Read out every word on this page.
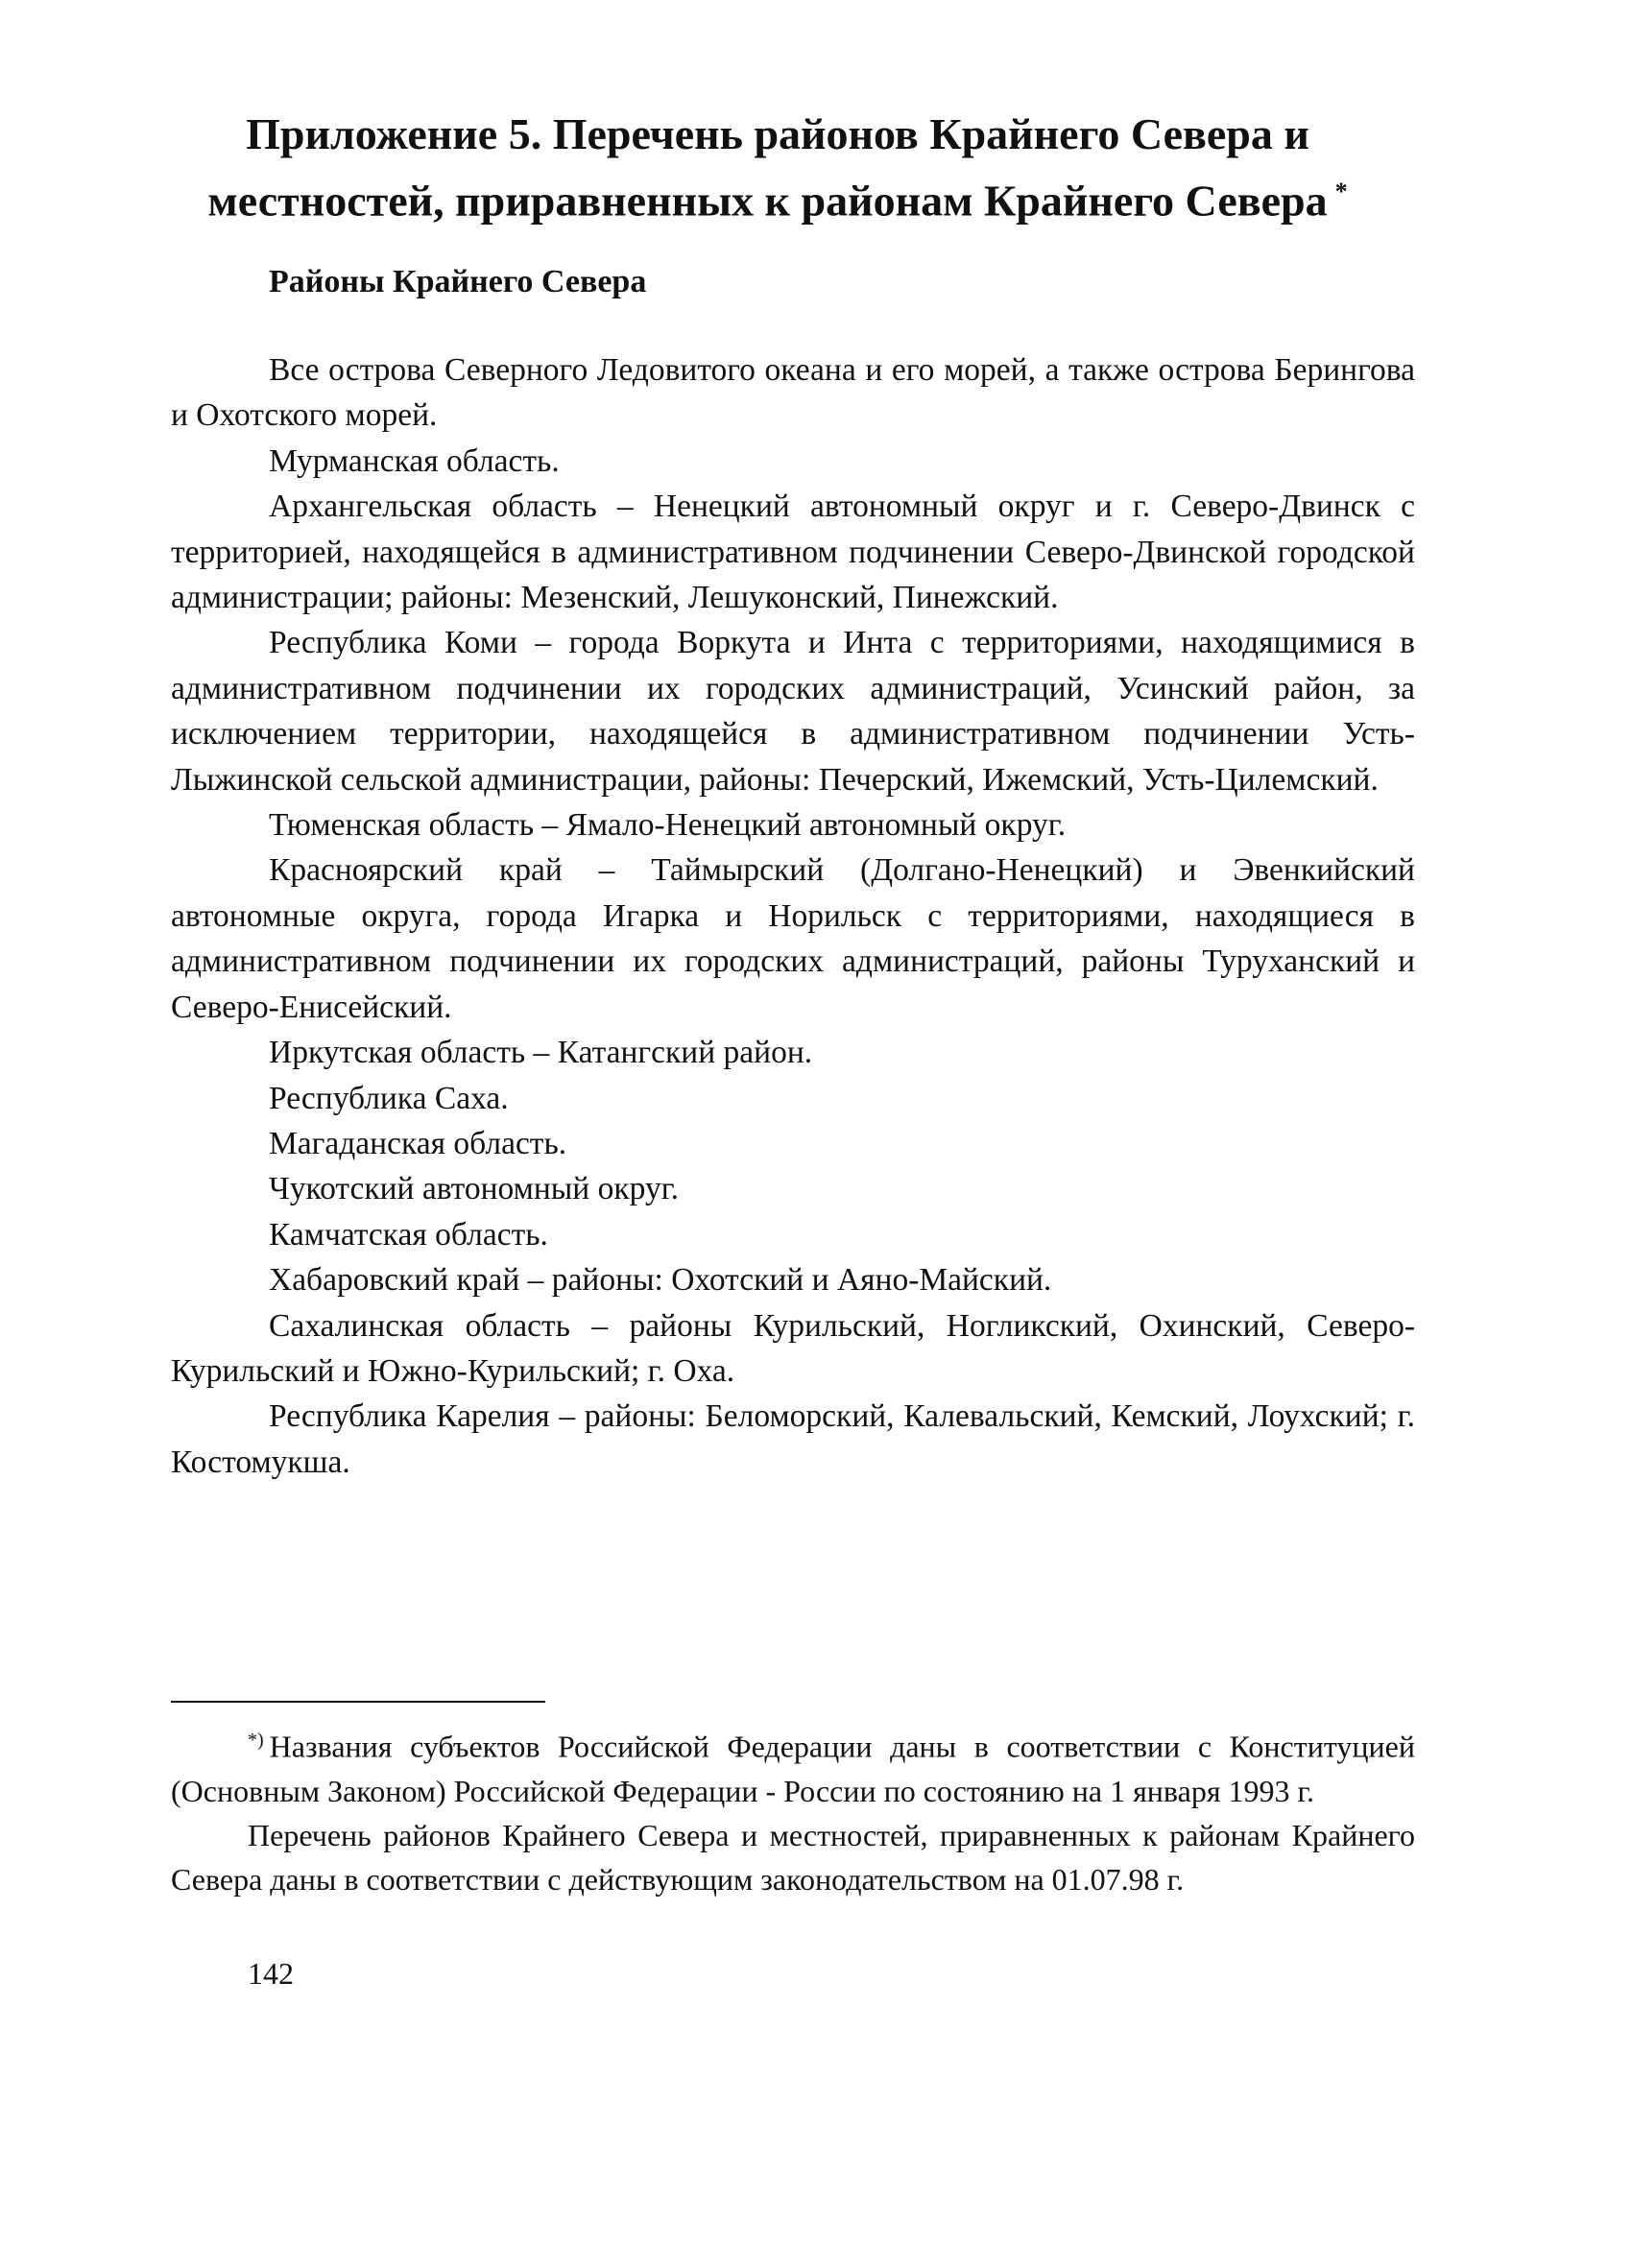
Приложение 5. Перечень районов Крайнего Севера и местностей, приравненных к районам Крайнего Севера *
Районы Крайнего Севера

Все острова Северного Ледовитого океана и его морей, а также острова Берингова и Охотского морей.

Мурманская область.

Архангельская область – Ненецкий автономный округ и г. Северо-Двинск с территорией, находящейся в административном подчинении Северо-Двинской городской администрации; районы: Мезенский, Лешуконский, Пинежский.

Республика Коми – города Воркута и Инта с территориями, находящимися в административном подчинении их городских администраций, Усинский район, за исключением территории, находящейся в административном подчинении Усть-Лыжинской сельской администрации, районы: Печерский, Ижемский, Усть-Цилемский.

Тюменская область – Ямало-Ненецкий автономный округ.

Красноярский край – Таймырский (Долгано-Ненецкий) и Эвенкийский автономные округа, города Игарка и Норильск с территориями, находящиеся в административном подчинении их городских администраций, районы Туруханский и Северо-Енисейский.

Иркутская область – Катангский район.

Республика Саха.

Магаданская область.

Чукотский автономный округ.

Камчатская область.

Хабаровский край – районы: Охотский и Аяно-Майский.

Сахалинская область – районы Курильский, Ногликский, Охинский, Северо-Курильский и Южно-Курильский; г. Оха.

Республика Карелия – районы: Беломорский, Калевальский, Кемский, Лоухский; г. Костомукша.

*) Названия субъектов Российской Федерации даны в соответствии с Конституцией (Основным Законом) Российской Федерации - России по состоянию на 1 января 1993 г.

Перечень районов Крайнего Севера и местностей, приравненных к районам Крайнего Севера даны в соответствии с действующим законодательством на 01.07.98 г.

142
